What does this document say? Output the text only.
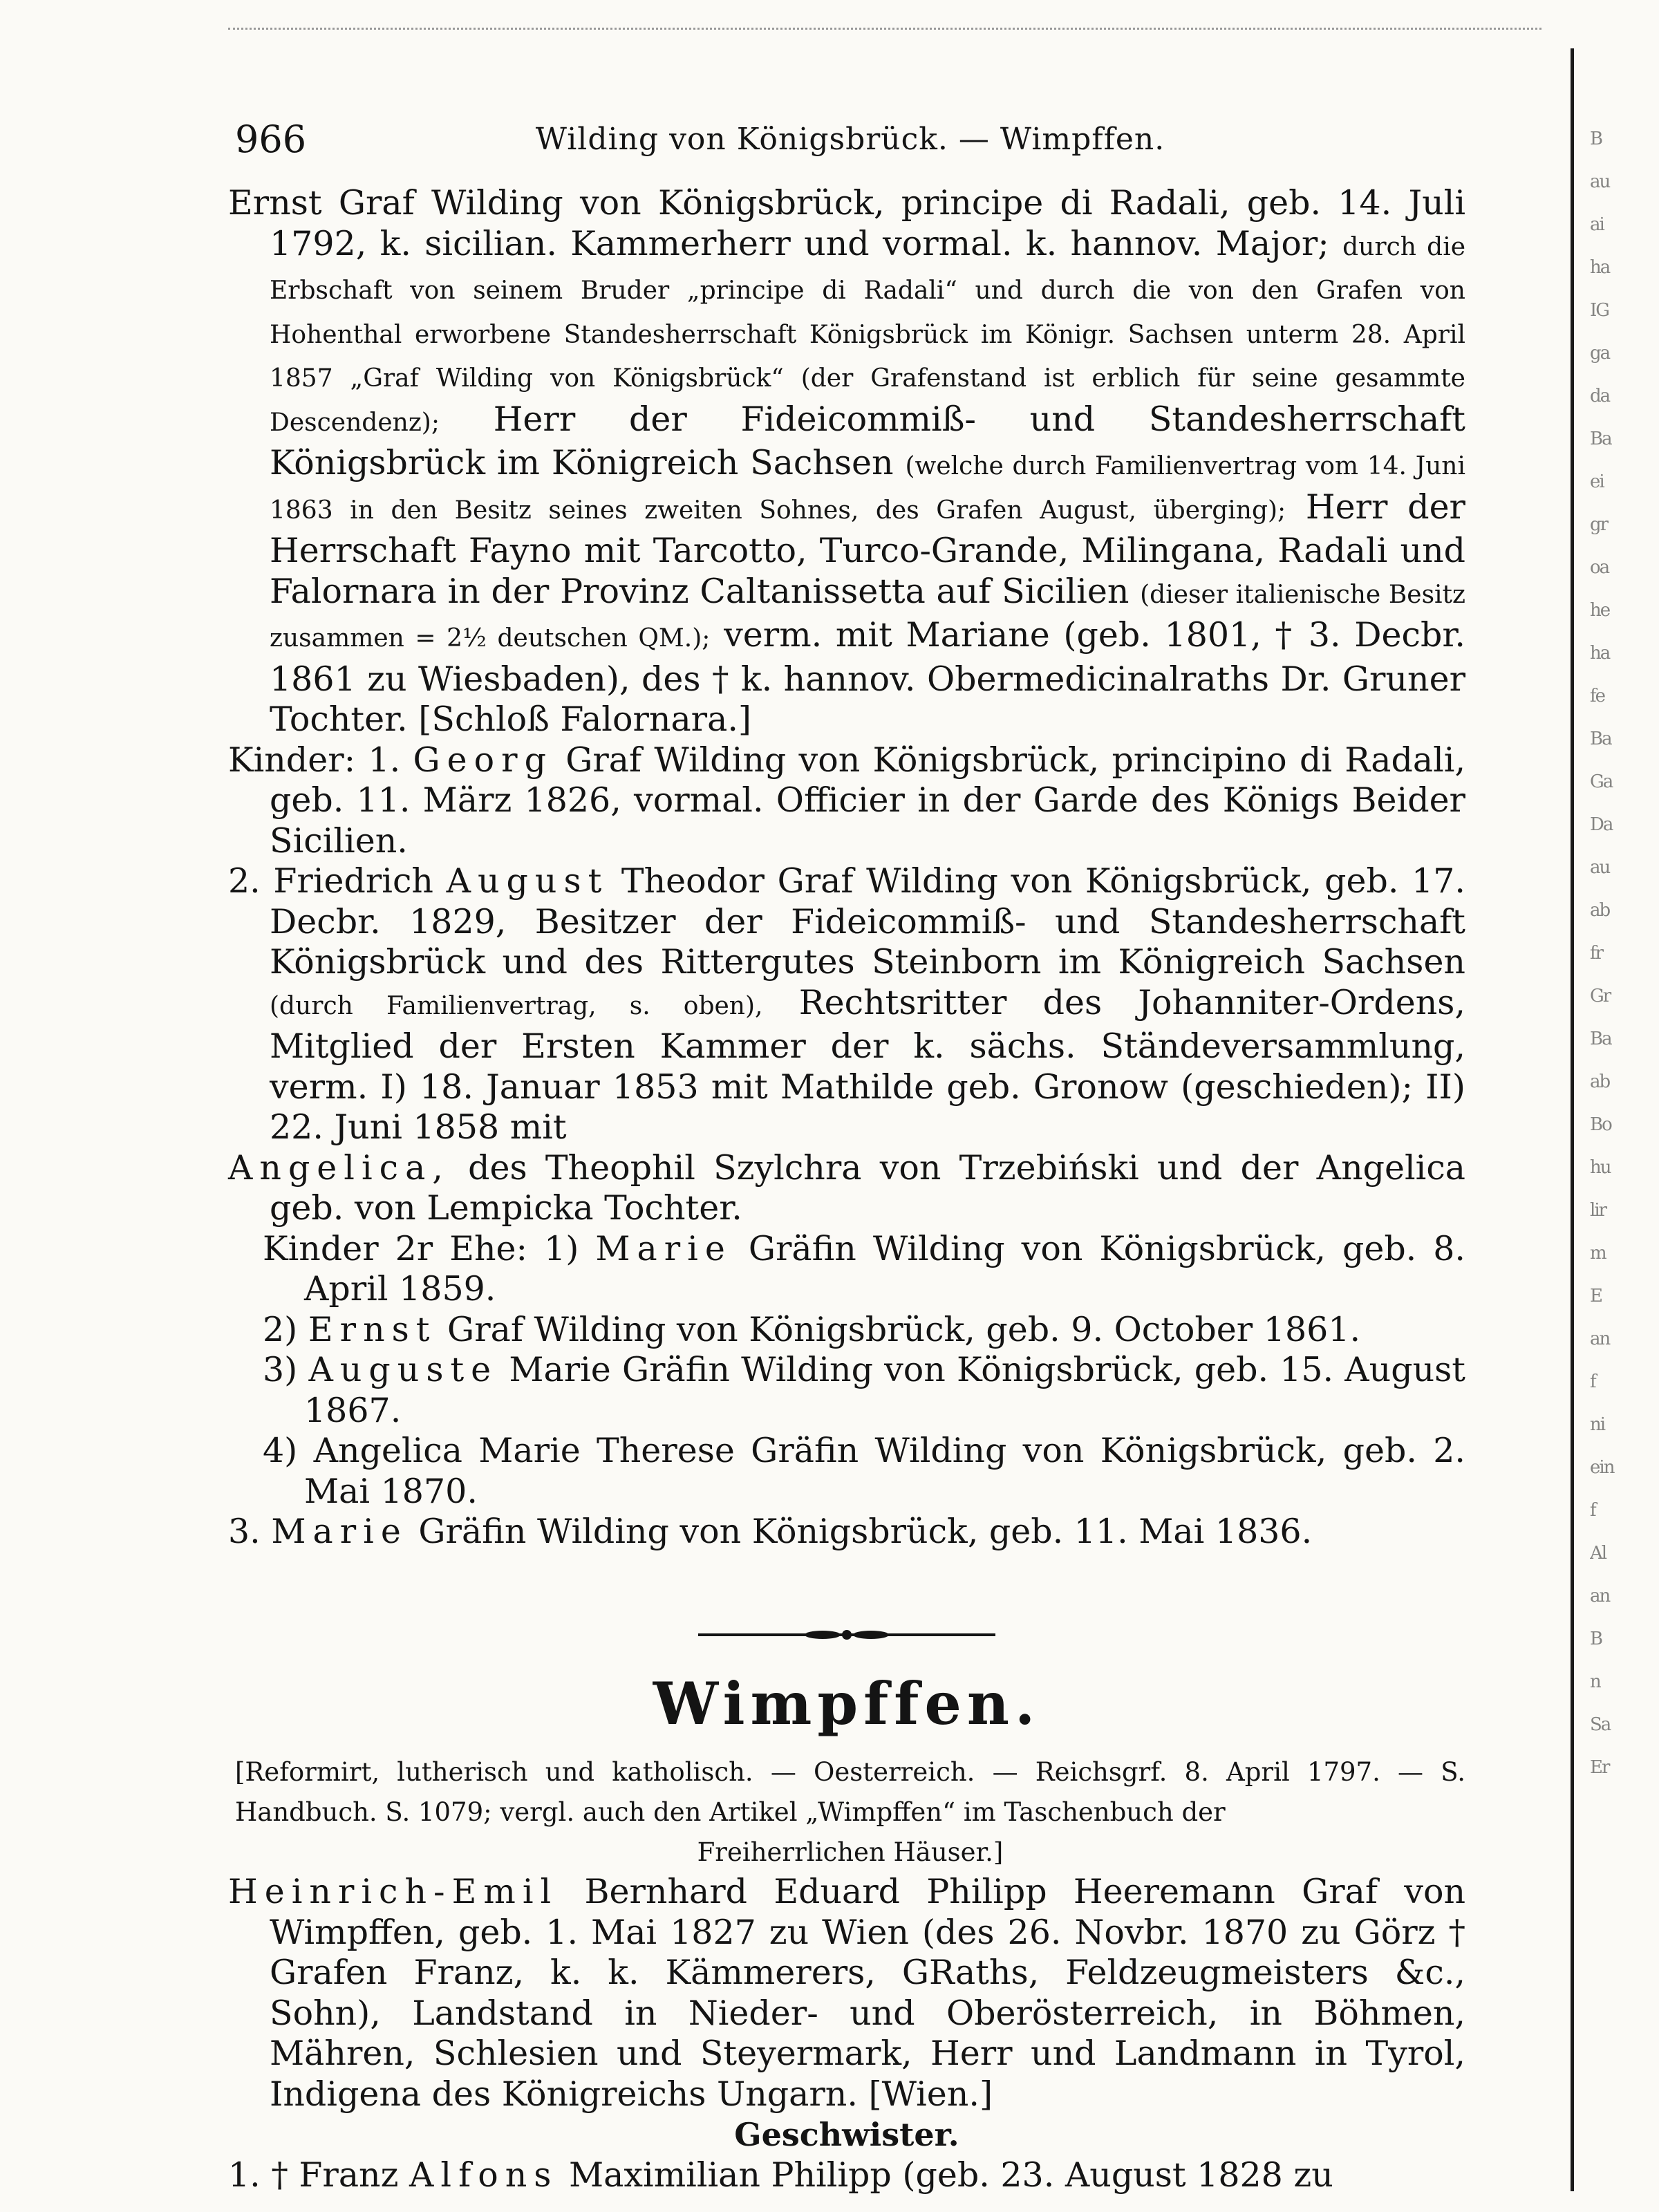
966	Wilding von Königsbrück. — Wimpffen.

Ernst Graf Wilding von Königsbrück, principe di Radali, geb. 14. Juli 1792, k. sicilian. Kammerherr und vormal. k. hannov. Major; durch die Erbschaft von seinem Bruder „principe di Radali“ und durch die von den Grafen von Hohenthal erworbene Standesherrschaft Königsbrück im Königr. Sachsen unterm 28. April 1857 „Graf Wilding von Königsbrück“ (der Grafenstand ist erblich für seine gesammte Descendenz); Herr der Fideicommiß- und Standesherrschaft Königsbrück im Königreich Sachsen (welche durch Familienvertrag vom 14. Juni 1863 in den Besitz seines zweiten Sohnes, des Grafen August, überging); Herr der Herrschaft Fayno mit Tarcotto, Turco-Grande, Milingana, Radali und Falornara in der Provinz Caltanissetta auf Sicilien (dieser italienische Besitz zusammen = 2½ deutschen QM.); verm. mit Mariane (geb. 1801, † 3. Decbr. 1861 zu Wiesbaden), des † k. hannov. Obermedicinalraths Dr. Gruner Tochter. [Schloß Falornara.]

Kinder: 1. Georg Graf Wilding von Königsbrück, principino di Radali, geb. 11. März 1826, vormal. Officier in der Garde des Königs Beider Sicilien.

2. Friedrich August Theodor Graf Wilding von Königsbrück, geb. 17. Decbr. 1829, Besitzer der Fideicommiß- und Standesherrschaft Königsbrück und des Rittergutes Steinborn im Königreich Sachsen (durch Familienvertrag, s. oben), Rechtsritter des Johanniter-Ordens, Mitglied der Ersten Kammer der k. sächs. Ständeversammlung, verm. I) 18. Januar 1853 mit Mathilde geb. Gronow (geschieden); II) 22. Juni 1858 mit

Angelica, des Theophil Szylchra von Trzebiński und der Angelica geb. von Lempicka Tochter.

Kinder 2r Ehe: 1) Marie Gräfin Wilding von Königsbrück, geb. 8. April 1859.

2) Ernst Graf Wilding von Königsbrück, geb. 9. October 1861.

3) Auguste Marie Gräfin Wilding von Königsbrück, geb. 15. August 1867.

4) Angelica Marie Therese Gräfin Wilding von Königsbrück, geb. 2. Mai 1870.

3. Marie Gräfin Wilding von Königsbrück, geb. 11. Mai 1836.

Wimpffen.
[Reformirt, lutherisch und katholisch. — Oesterreich. — Reichsgrf. 8. April 1797. — S. Handbuch. S. 1079; vergl. auch den Artikel „Wimpffen“ im Taschenbuch der
Freiherrlichen Häuser.]

Heinrich-Emil Bernhard Eduard Philipp Heeremann Graf von Wimpffen, geb. 1. Mai 1827 zu Wien (des 26. Novbr. 1870 zu Görz † Grafen Franz, k. k. Kämmerers, GRaths, Feldzeugmeisters &c., Sohn), Landstand in Nieder- und Oberösterreich, in Böhmen, Mähren, Schlesien und Steyermark, Herr und Landmann in Tyrol, Indigena des Königreichs Ungarn. [Wien.]

Geschwister.

1. † Franz Alfons Maximilian Philipp (geb. 23. August 1828 zu

B
au
ai
ha
IG
ga
da
Ba
ei
gr
oa
he
ha
fe
Ba
Ga
Da
au
ab
fr
Gr
Ba
ab
Bo
hu
lir
m
E
an
f
ni
ein
f
Al
an
B
n
Sa
Er
